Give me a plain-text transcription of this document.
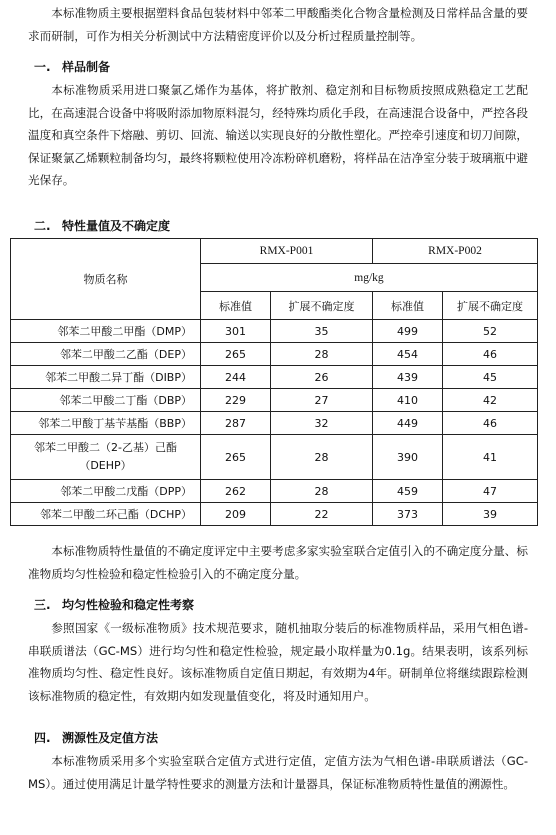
本标准物质主要根据塑料食品包装材料中邻苯二甲酸酯类化合物含量检测及日常样品含量的要求而研制，可作为相关分析测试中方法精密度评价以及分析过程质量控制等。

一. 样品制备

本标准物质采用进口聚氯乙烯作为基体，将扩散剂、稳定剂和目标物质按照成熟稳定工艺配比，在高速混合设备中将吸附添加物原料混匀，经特殊均质化手段，在高速混合设备中，严控各段温度和真空条件下熔融、剪切、回流、输送以实现良好的分散性塑化。严控牵引速度和切刀间隙，保证聚氯乙烯颗粒制备均匀，最终将颗粒使用冷冻粉碎机磨粉，将样品在洁净室分装于玻璃瓶中避光保存。

二. 特性量值及不确定度
物质名称	RMX-P001		RMX-P002	
	mg/kg			
	标准值	扩展不确定度	标准值	扩展不确定度
邻苯二甲酸二甲酯（DMP）	301	35	499	52
邻苯二甲酸二乙酯（DEP）	265	28	454	46
邻苯二甲酸二异丁酯（DIBP）	244	26	439	45
邻苯二甲酸二丁酯（DBP）	229	27	410	42
邻苯二甲酸丁基苄基酯（BBP）	287	32	449	46
邻苯二甲酸二（2-乙基）己酯
（DEHP）	265	28	390	41
邻苯二甲酸二戊酯（DPP）	262	28	459	47
邻苯二甲酸二环己酯（DCHP）	209	22	373	39

本标准物质特性量值的不确定度评定中主要考虑多家实验室联合定值引入的不确定度分量、标准物质均匀性检验和稳定性检验引入的不确定度分量。

三. 均匀性检验和稳定性考察

参照国家《一级标准物质》技术规范要求，随机抽取分装后的标准物质样品，采用气相色谱-串联质谱法（GC-MS）进行均匀性和稳定性检验，规定最小取样量为0.1g。结果表明，该系列标准物质均匀性、稳定性良好。该标准物质自定值日期起，有效期为4年。研制单位将继续跟踪检测该标准物质的稳定性，有效期内如发现量值变化，将及时通知用户。

四. 溯源性及定值方法

本标准物质采用多个实验室联合定值方式进行定值，定值方法为气相色谱-串联质谱法（GC-MS）。通过使用满足计量学特性要求的测量方法和计量器具，保证标准物质特性量值的溯源性。
